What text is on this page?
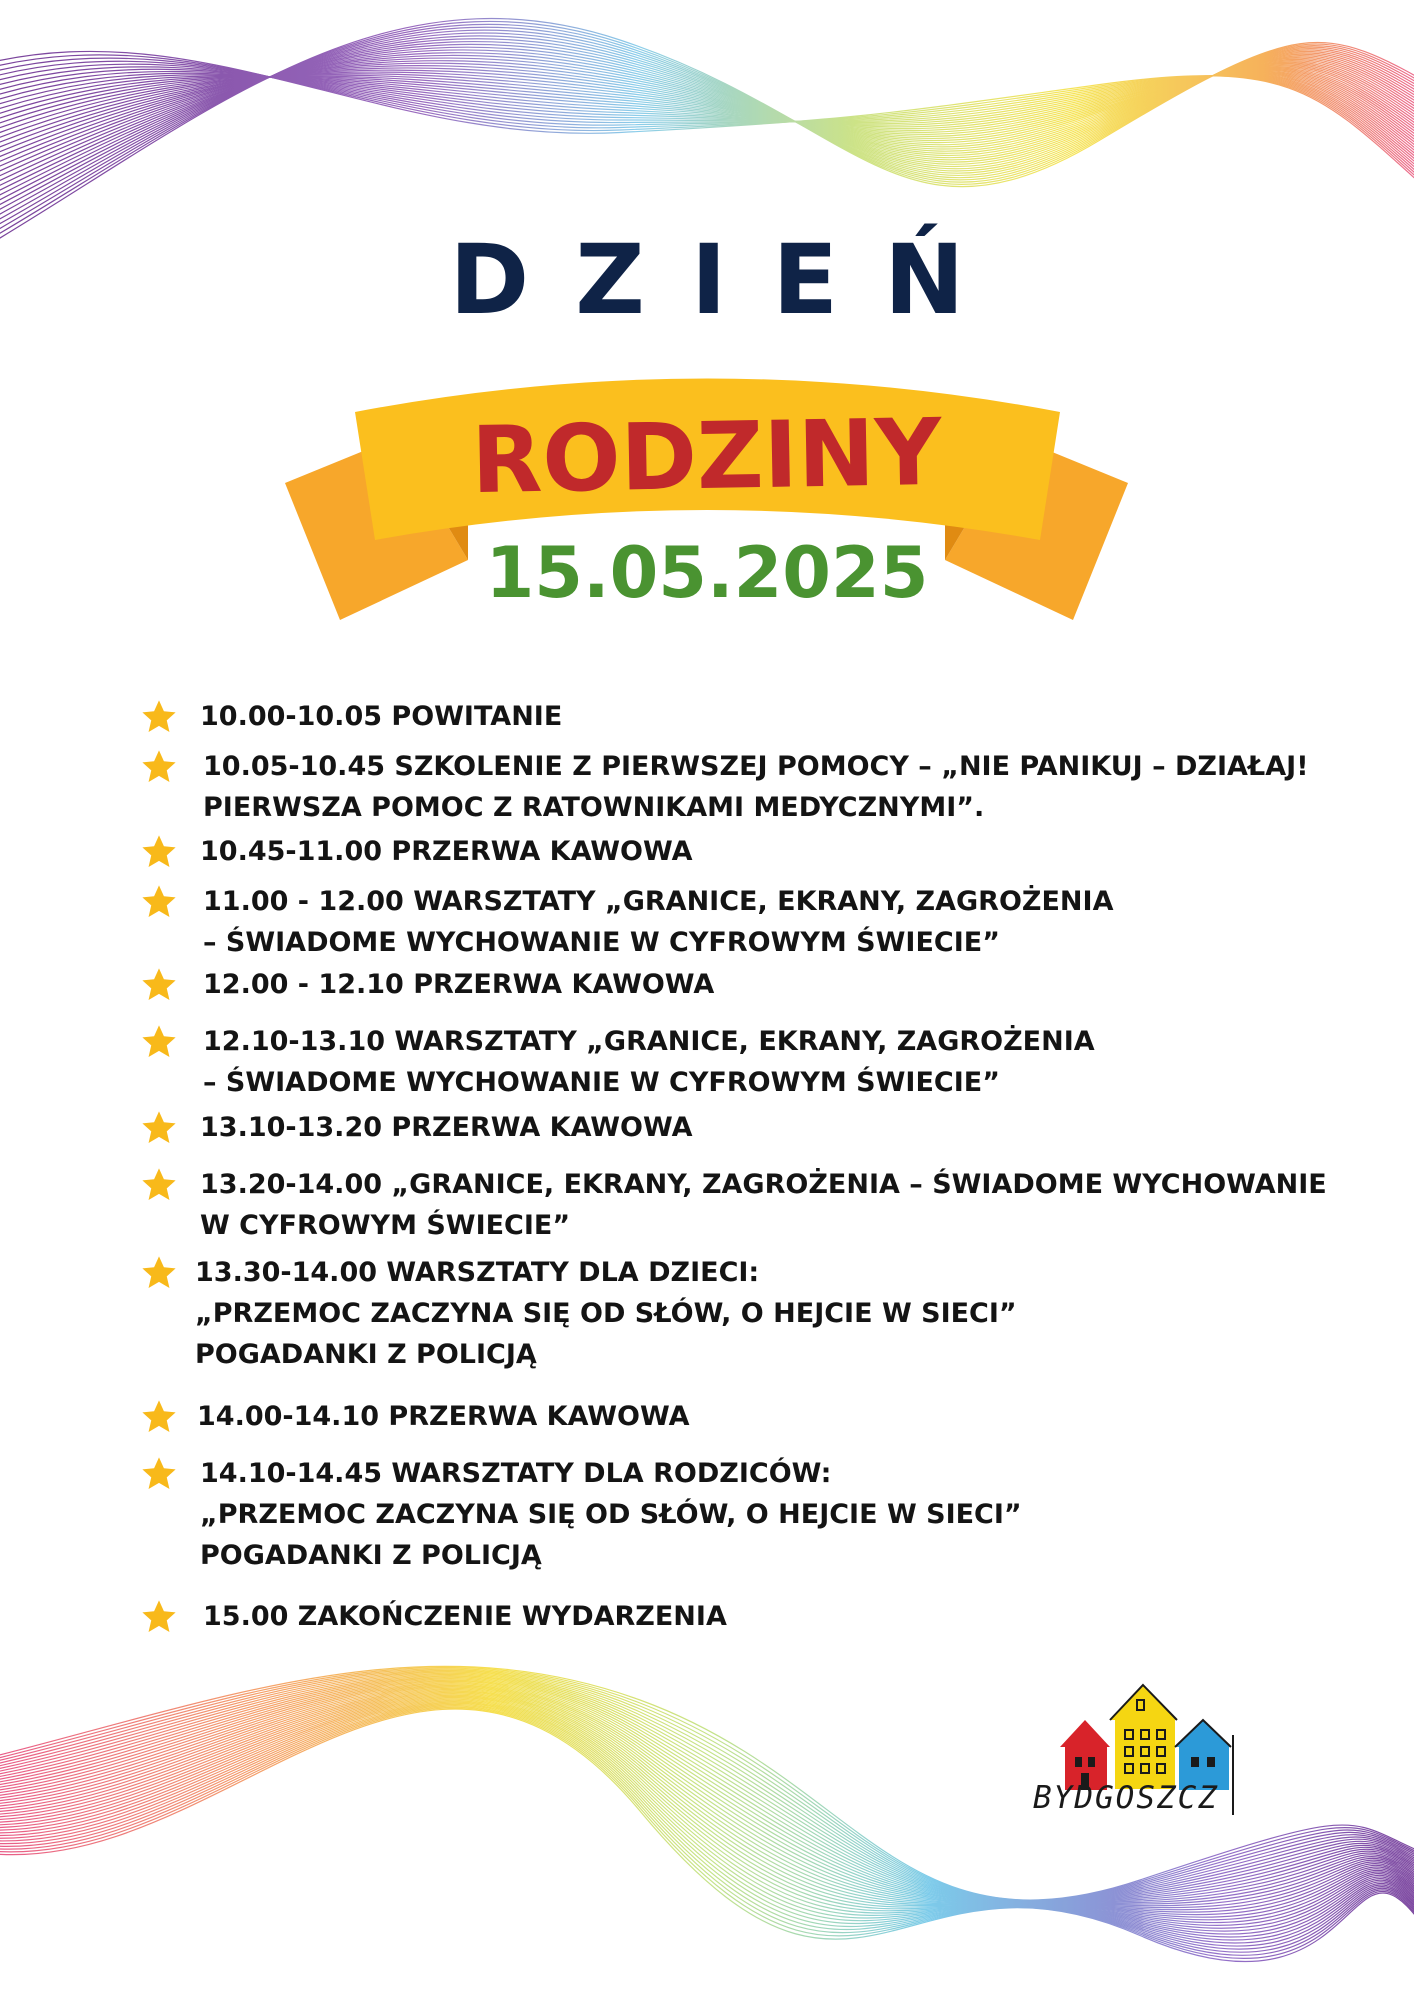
DZIEŃ
RODZINY
15.05.2025
10.00-10.05 POWITANIE
10.05-10.45 SZKOLENIE Z PIERWSZEJ POMOCY – „NIE PANIKUJ – DZIAŁAJ!
PIERWSZA POMOC Z RATOWNIKAMI MEDYCZNYMI”.
10.45-11.00 PRZERWA KAWOWA
11.00 - 12.00 WARSZTATY „GRANICE, EKRANY, ZAGROŻENIA
– ŚWIADOME WYCHOWANIE W CYFROWYM ŚWIECIE”
12.00 - 12.10 PRZERWA KAWOWA
12.10-13.10 WARSZTATY „GRANICE, EKRANY, ZAGROŻENIA
– ŚWIADOME WYCHOWANIE W CYFROWYM ŚWIECIE”
13.10-13.20 PRZERWA KAWOWA
13.20-14.00 „GRANICE, EKRANY, ZAGROŻENIA – ŚWIADOME WYCHOWANIE
W CYFROWYM ŚWIECIE”
13.30-14.00 WARSZTATY DLA DZIECI:
„PRZEMOC ZACZYNA SIĘ OD SŁÓW, O HEJCIE W SIECI”
POGADANKI Z POLICJĄ
14.00-14.10 PRZERWA KAWOWA
14.10-14.45 WARSZTATY DLA RODZICÓW:
„PRZEMOC ZACZYNA SIĘ OD SŁÓW, O HEJCIE W SIECI”
POGADANKI Z POLICJĄ
15.00 ZAKOŃCZENIE WYDARZENIA
BYDGOSZCZ
